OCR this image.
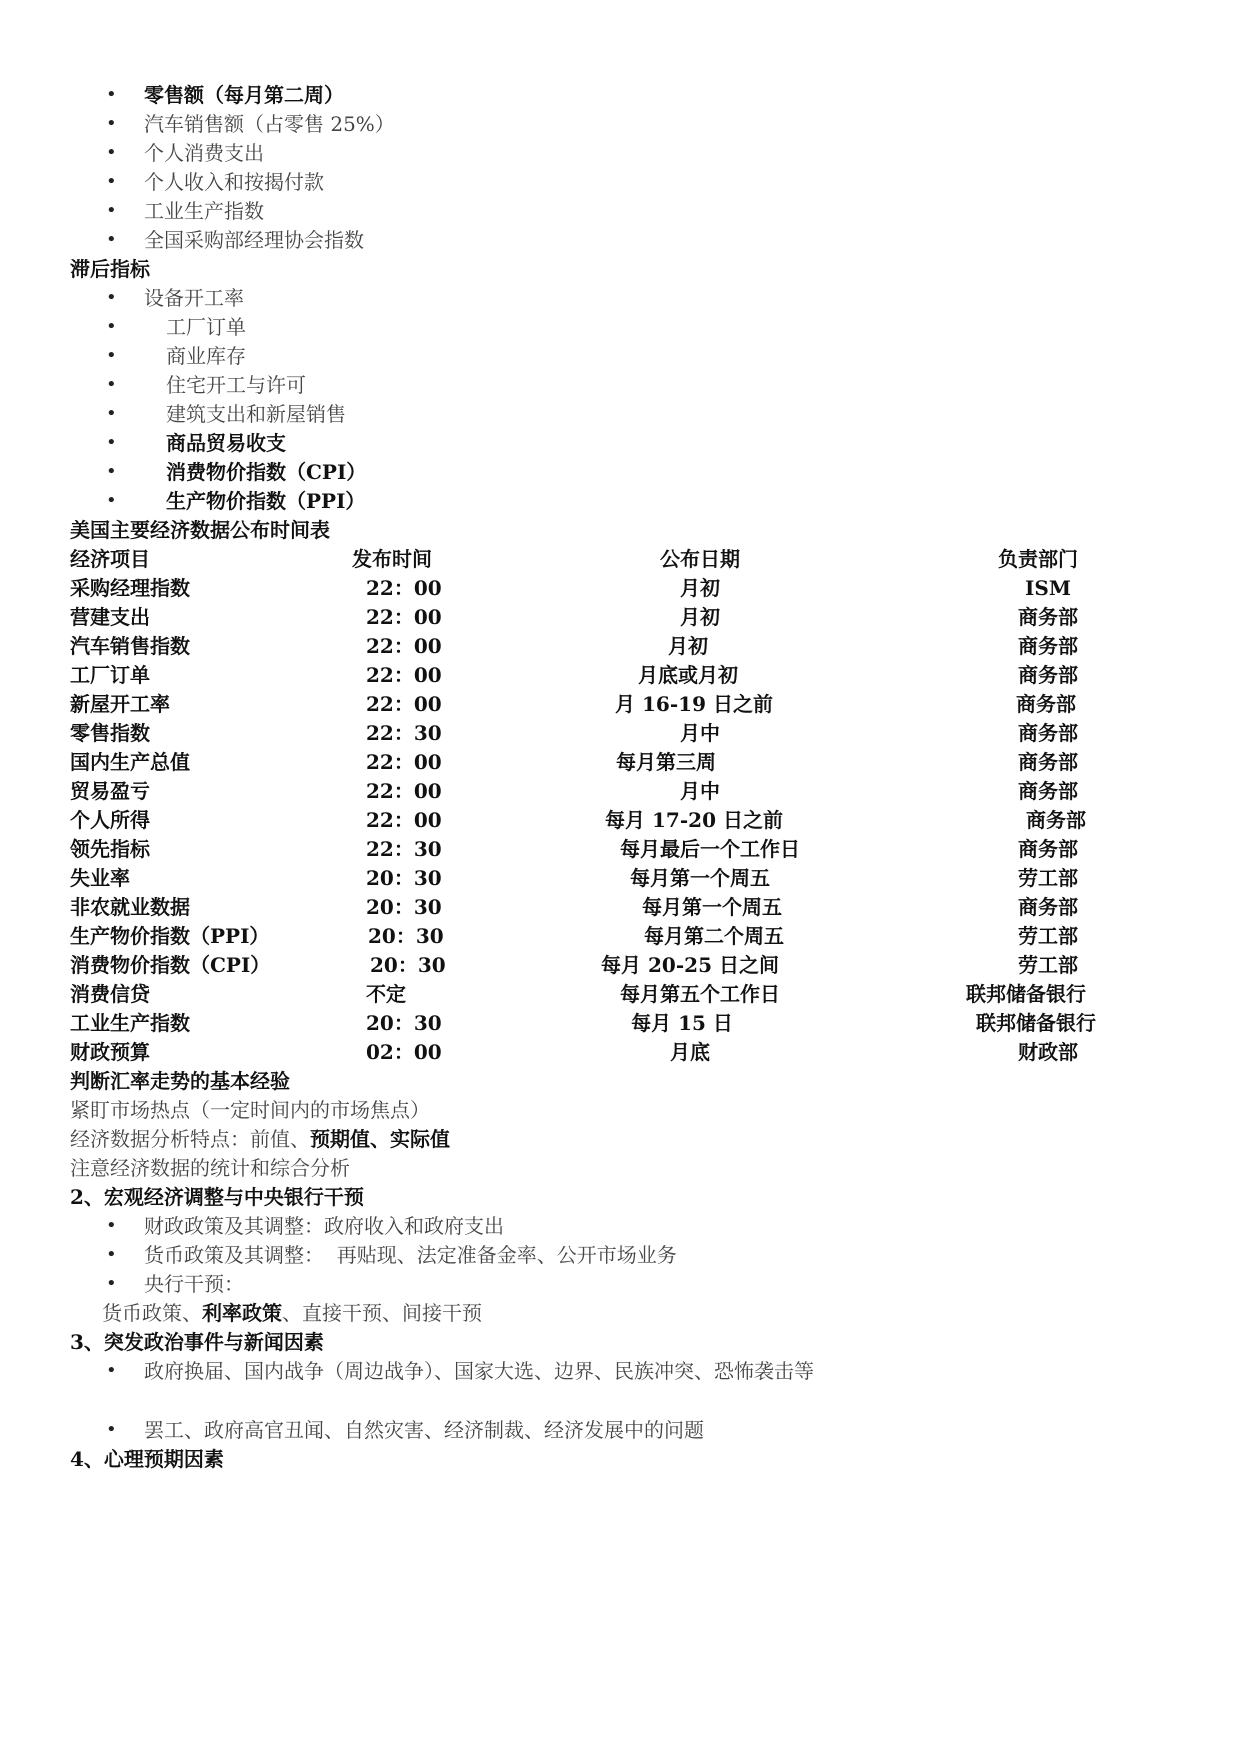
• 零售额（每月第二周）
• 汽车销售额（占零售 25%）
• 个人消费支出
• 个人收入和按揭付款
• 工业生产指数
• 全国采购部经理协会指数
滞后指标
• 设备开工率
• 工厂订单
• 商业库存
• 住宅开工与许可
• 建筑支出和新屋销售
• 商品贸易收支
• 消费物价指数（CPI）
• 生产物价指数（PPI）
美国主要经济数据公布时间表
经济项目	发布时间	公布日期	负责部门
采购经理指数	22：00	月初	ISM
营建支出	22：00	月初	商务部
汽车销售指数	22：00	月初	商务部
工厂订单	22：00	月底或月初	商务部
新屋开工率	22：00	月 16-19 日之前	商务部
零售指数	22：30	月中	商务部
国内生产总值	22：00	每月第三周	商务部
贸易盈亏	22：00	月中	商务部
个人所得	22：00	每月 17-20 日之前	商务部
领先指标	22：30	每月最后一个工作日	商务部
失业率	20：30	每月第一个周五	劳工部
非农就业数据	20：30	每月第一个周五	商务部
生产物价指数（PPI）	20：30	每月第二个周五	劳工部
消费物价指数（CPI）	20：30	每月 20-25 日之间	劳工部
消费信贷	不定	每月第五个工作日	联邦储备银行
工业生产指数	20：30	每月 15 日	联邦储备银行
财政预算	02：00	月底	财政部
判断汇率走势的基本经验
紧盯市场热点（一定时间内的市场焦点）
经济数据分析特点：前值、预期值、实际值
注意经济数据的统计和综合分析
2、宏观经济调整与中央银行干预
• 财政政策及其调整：政府收入和政府支出
• 货币政策及其调整：  再贴现、法定准备金率、公开市场业务
• 央行干预：
货币政策、利率政策、直接干预、间接干预
3、突发政治事件与新闻因素
• 政府换届、国内战争（周边战争）、国家大选、边界、民族冲突、恐怖袭击等
• 罢工、政府高官丑闻、自然灾害、经济制裁、经济发展中的问题
4、心理预期因素
